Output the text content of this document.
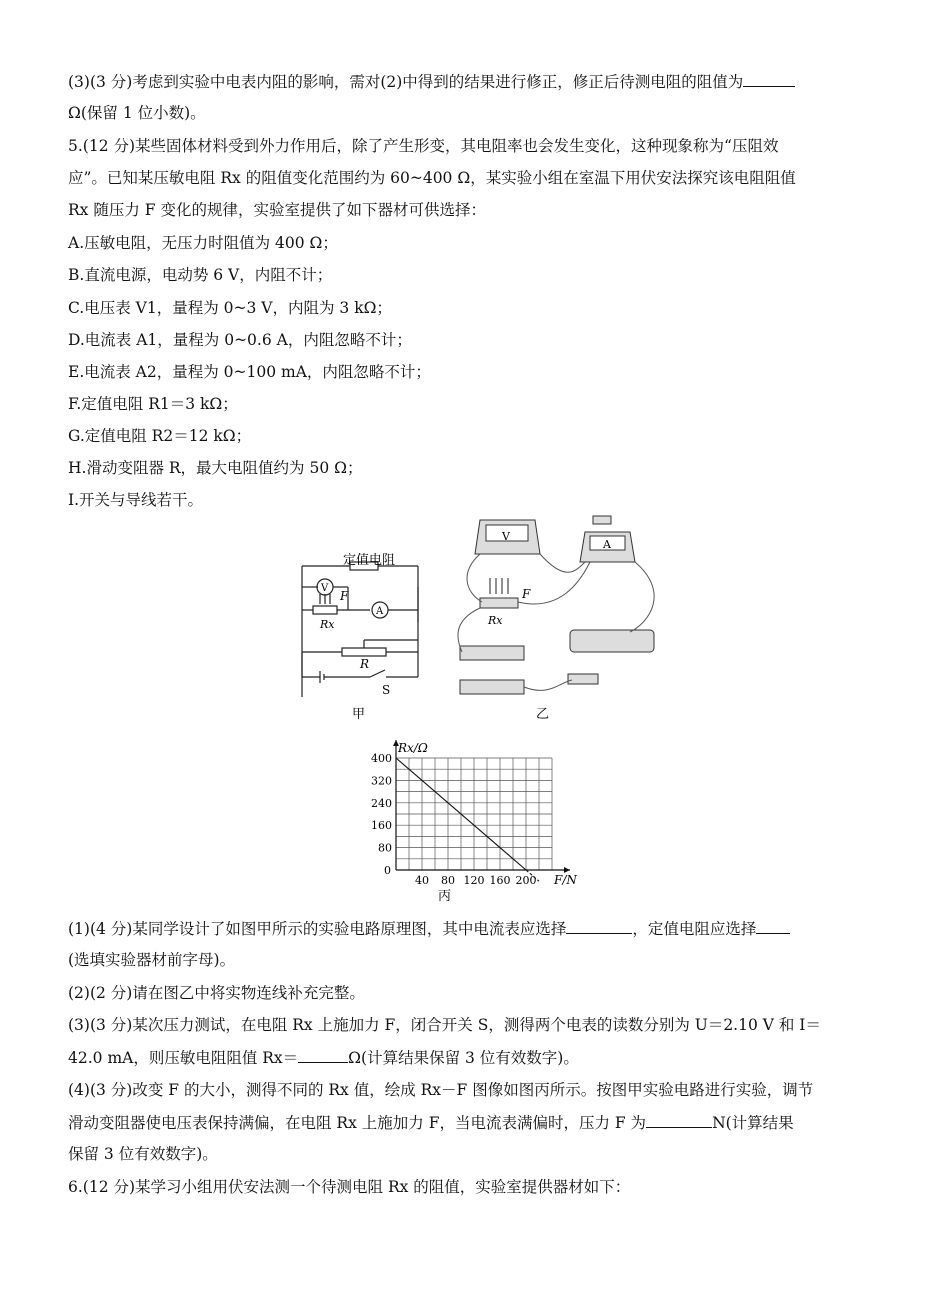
(3)(3 分)考虑到实验中电表内阻的影响，需对(2)中得到的结果进行修正，修正后待测电阻的阻值为
Ω(保留 1 位小数)。
5.(12 分)某些固体材料受到外力作用后，除了产生形变，其电阻率也会发生变化，这种现象称为“压阻效
应”。已知某压敏电阻 Rx 的阻值变化范围约为 60~400 Ω，某实验小组在室温下用伏安法探究该电阻阻值
Rx 随压力 F 变化的规律，实验室提供了如下器材可供选择：
A.压敏电阻，无压力时阻值为 400 Ω；
B.直流电源，电动势 6 V，内阻不计；
C.电压表 V1，量程为 0~3 V，内阻为 3 kΩ；
D.电流表 A1，量程为 0~0.6 A，内阻忽略不计；
E.电流表 A2，量程为 0~100 mA，内阻忽略不计；
F.定值电阻 R1＝3 kΩ；
G.定值电阻 R2＝12 kΩ；
H.滑动变阻器 R，最大电阻值约为 50 Ω；
I.开关与导线若干。
定值电阻
V
A
F
Rx
R
S
甲
V
A
F
Rx
乙
40 80 120 160 200
80
160
240
320
400
Rx/Ω
F/N
0
丙
(1)(4 分)某同学设计了如图甲所示的实验电路原理图，其中电流表应选择	，定值电阻应选择
(选填实验器材前字母)。
(2)(2 分)请在图乙中将实物连线补充完整。
(3)(3 分)某次压力测试，在电阻 Rx 上施加力 F，闭合开关 S，测得两个电表的读数分别为 U＝2.10 V 和 I＝
42.0 mA，则压敏电阻阻值 Rx＝	Ω(计算结果保留 3 位有效数字)。
(4)(3 分)改变 F 的大小，测得不同的 Rx 值，绘成 Rx－F 图像如图丙所示。按图甲实验电路进行实验，调节
滑动变阻器使电压表保持满偏，在电阻 Rx 上施加力 F，当电流表满偏时，压力 F 为	N(计算结果
保留 3 位有效数字)。
6.(12 分)某学习小组用伏安法测一个待测电阻 Rx 的阻值，实验室提供器材如下：
